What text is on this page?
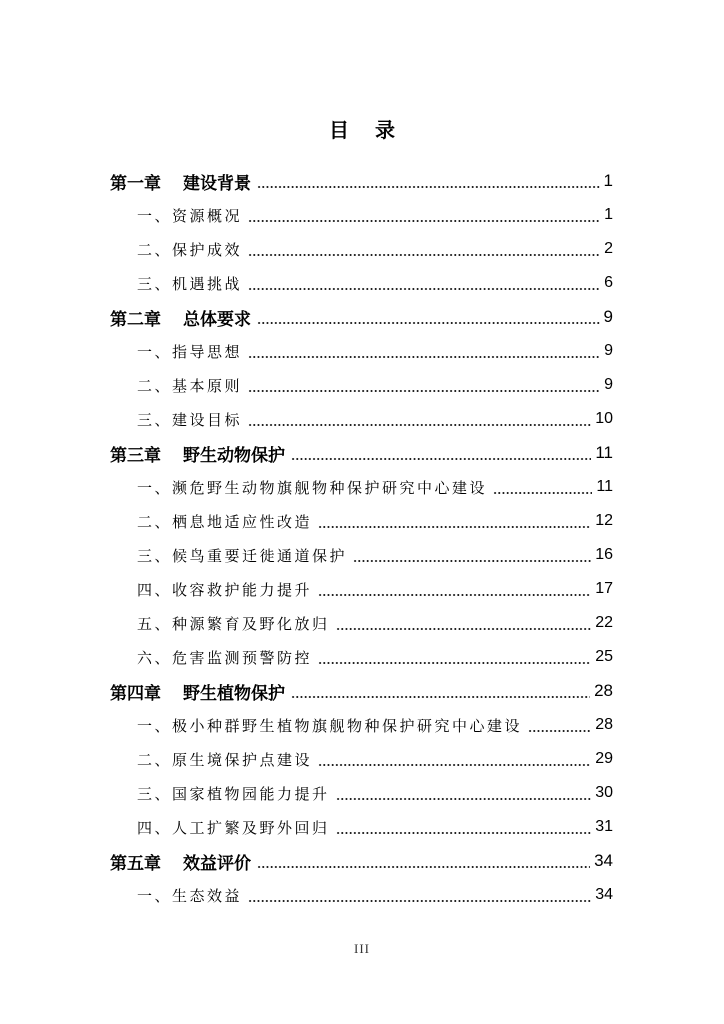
目录
第一章 建设背景	1
一、资源概况	1
二、保护成效	2
三、机遇挑战	6
第二章 总体要求	9
一、指导思想	9
二、基本原则	9
三、建设目标	10
第三章 野生动物保护	11
一、濒危野生动物旗舰物种保护研究中心建设	11
二、栖息地适应性改造	12
三、候鸟重要迁徙通道保护	16
四、收容救护能力提升	17
五、种源繁育及野化放归	22
六、危害监测预警防控	25
第四章 野生植物保护	28
一、极小种群野生植物旗舰物种保护研究中心建设	28
二、原生境保护点建设	29
三、国家植物园能力提升	30
四、人工扩繁及野外回归	31
第五章 效益评价	34
一、生态效益	34
III
